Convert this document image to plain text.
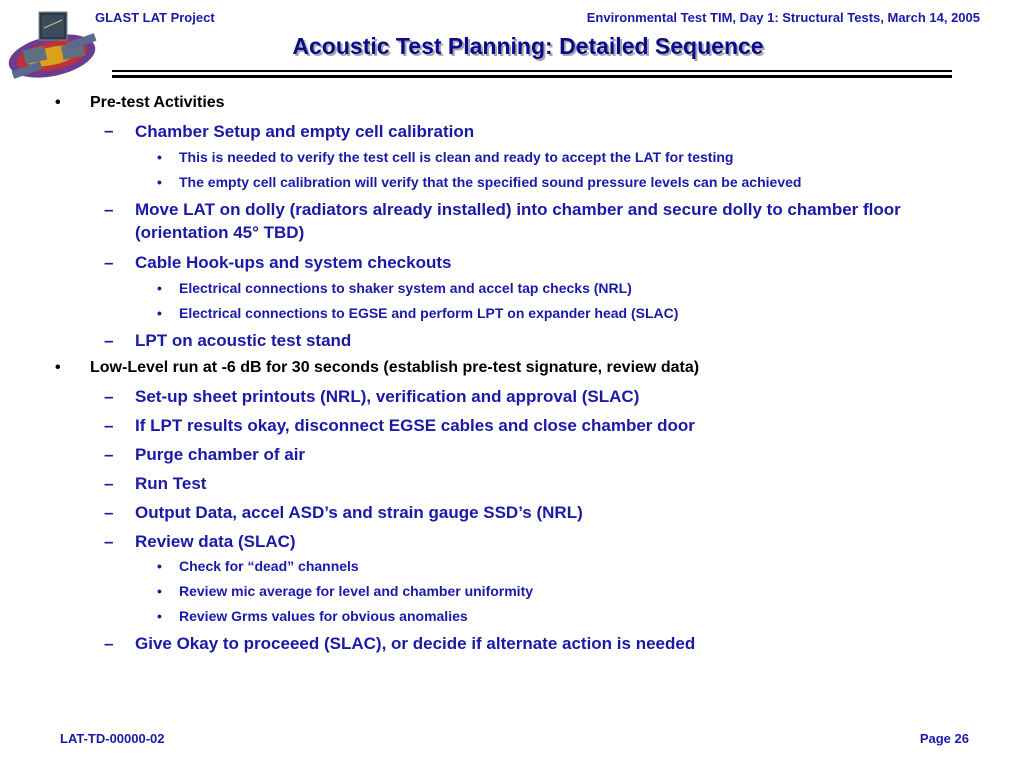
GLAST LAT Project	Environmental Test TIM, Day 1: Structural Tests, March 14, 2005
Acoustic Test Planning: Detailed Sequence
• Pre-test Activities
– Chamber Setup and empty cell calibration
• This is needed to verify the test cell is clean and ready to accept the LAT for testing
• The empty cell calibration will verify that the specified sound pressure levels can be achieved
– Move LAT on dolly (radiators already installed) into chamber and secure dolly to chamber floor (orientation 45° TBD)
– Cable Hook-ups and system checkouts
• Electrical connections to shaker system and accel tap checks (NRL)
• Electrical connections to EGSE and perform LPT on expander head (SLAC)
– LPT on acoustic test stand
• Low-Level run at -6 dB for 30 seconds (establish pre-test signature, review data)
– Set-up sheet printouts (NRL), verification and approval (SLAC)
– If LPT results okay, disconnect EGSE cables and close chamber door
– Purge chamber of air
– Run Test
– Output Data, accel ASD’s and strain gauge SSD’s (NRL)
– Review data (SLAC)
• Check for “dead” channels
• Review mic average for level and chamber uniformity
• Review Grms values for obvious anomalies
– Give Okay to proceeed (SLAC), or decide if alternate action is needed
LAT-TD-00000-02	Page 26
